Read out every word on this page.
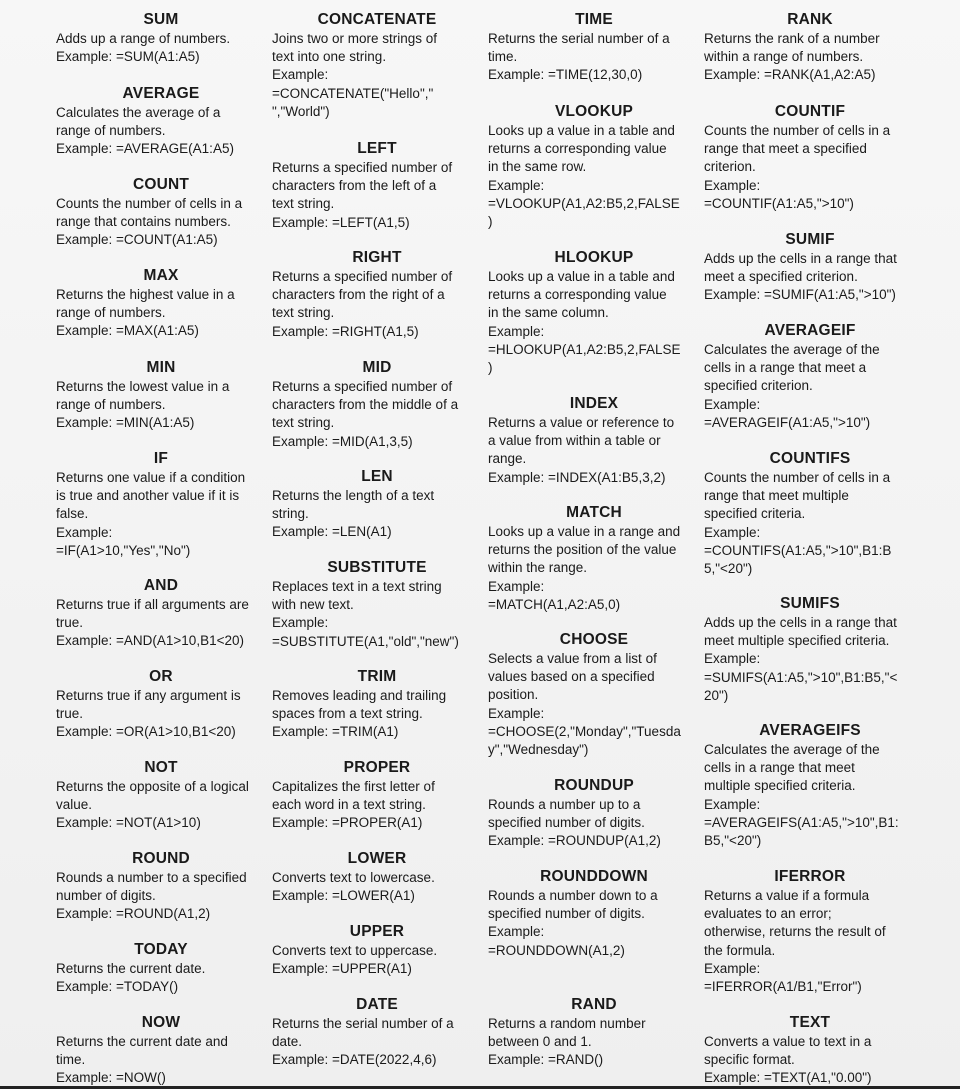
SUM

Adds up a range of numbers.

Example: =SUM(A1:A5)

AVERAGE

Calculates the average of a
range of numbers.

Example: =AVERAGE(A1:A5)

COUNT

Counts the number of cells in a
range that contains numbers.

Example: =COUNT(A1:A5)

MAX

Returns the highest value in a
range of numbers.

Example: =MAX(A1:A5)

MIN

Returns the lowest value in a
range of numbers.

Example: =MIN(A1:A5)

IF

Returns one value if a condition
is true and another value if it is
false.

Example:
=IF(A1>10,"Yes","No")

AND

Returns true if all arguments are
true.

Example: =AND(A1>10,B1<20)

OR

Returns true if any argument is
true.

Example: =OR(A1>10,B1<20)

NOT

Returns the opposite of a logical
value.

Example: =NOT(A1>10)

ROUND

Rounds a number to a specified
number of digits.

Example: =ROUND(A1,2)

TODAY

Returns the current date.

Example: =TODAY()

NOW

Returns the current date and
time.

Example: =NOW()

CONCATENATE

Joins two or more strings of
text into one string.

Example:
=CONCATENATE("Hello","
","World")

LEFT

Returns a specified number of
characters from the left of a
text string.

Example: =LEFT(A1,5)

RIGHT

Returns a specified number of
characters from the right of a
text string.

Example: =RIGHT(A1,5)

MID

Returns a specified number of
characters from the middle of a
text string.

Example: =MID(A1,3,5)

LEN

Returns the length of a text
string.

Example: =LEN(A1)

SUBSTITUTE

Replaces text in a text string
with new text.

Example:
=SUBSTITUTE(A1,"old","new")

TRIM

Removes leading and trailing
spaces from a text string.

Example: =TRIM(A1)

PROPER

Capitalizes the first letter of
each word in a text string.

Example: =PROPER(A1)

LOWER

Converts text to lowercase.

Example: =LOWER(A1)

UPPER

Converts text to uppercase.

Example: =UPPER(A1)

DATE

Returns the serial number of a
date.

Example: =DATE(2022,4,6)

TIME

Returns the serial number of a
time.

Example: =TIME(12,30,0)

VLOOKUP

Looks up a value in a table and
returns a corresponding value
in the same row.

Example:
=VLOOKUP(A1,A2:B5,2,FALSE
)

HLOOKUP

Looks up a value in a table and
returns a corresponding value
in the same column.

Example:
=HLOOKUP(A1,A2:B5,2,FALSE
)

INDEX

Returns a value or reference to
a value from within a table or
range.

Example: =INDEX(A1:B5,3,2)

MATCH

Looks up a value in a range and
returns the position of the value
within the range.

Example:
=MATCH(A1,A2:A5,0)

CHOOSE

Selects a value from a list of
values based on a specified
position.

Example:
=CHOOSE(2,"Monday","Tuesda
y","Wednesday")

ROUNDUP

Rounds a number up to a
specified number of digits.

Example: =ROUNDUP(A1,2)

ROUNDDOWN

Rounds a number down to a
specified number of digits.

Example:
=ROUNDDOWN(A1,2)

RAND

Returns a random number
between 0 and 1.

Example: =RAND()

RANK

Returns the rank of a number
within a range of numbers.

Example: =RANK(A1,A2:A5)

COUNTIF

Counts the number of cells in a
range that meet a specified
criterion.

Example:
=COUNTIF(A1:A5,">10")

SUMIF

Adds up the cells in a range that
meet a specified criterion.

Example: =SUMIF(A1:A5,">10")

AVERAGEIF

Calculates the average of the
cells in a range that meet a
specified criterion.

Example:
=AVERAGEIF(A1:A5,">10")

COUNTIFS

Counts the number of cells in a
range that meet multiple
specified criteria.

Example:
=COUNTIFS(A1:A5,">10",B1:B
5,"<20")

SUMIFS

Adds up the cells in a range that
meet multiple specified criteria.

Example:
=SUMIFS(A1:A5,">10",B1:B5,"<
20")

AVERAGEIFS

Calculates the average of the
cells in a range that meet
multiple specified criteria.

Example:
=AVERAGEIFS(A1:A5,">10",B1:
B5,"<20")

IFERROR

Returns a value if a formula
evaluates to an error;
otherwise, returns the result of
the formula.

Example:
=IFERROR(A1/B1,"Error")

TEXT

Converts a value to text in a
specific format.

Example: =TEXT(A1,"0.00")
